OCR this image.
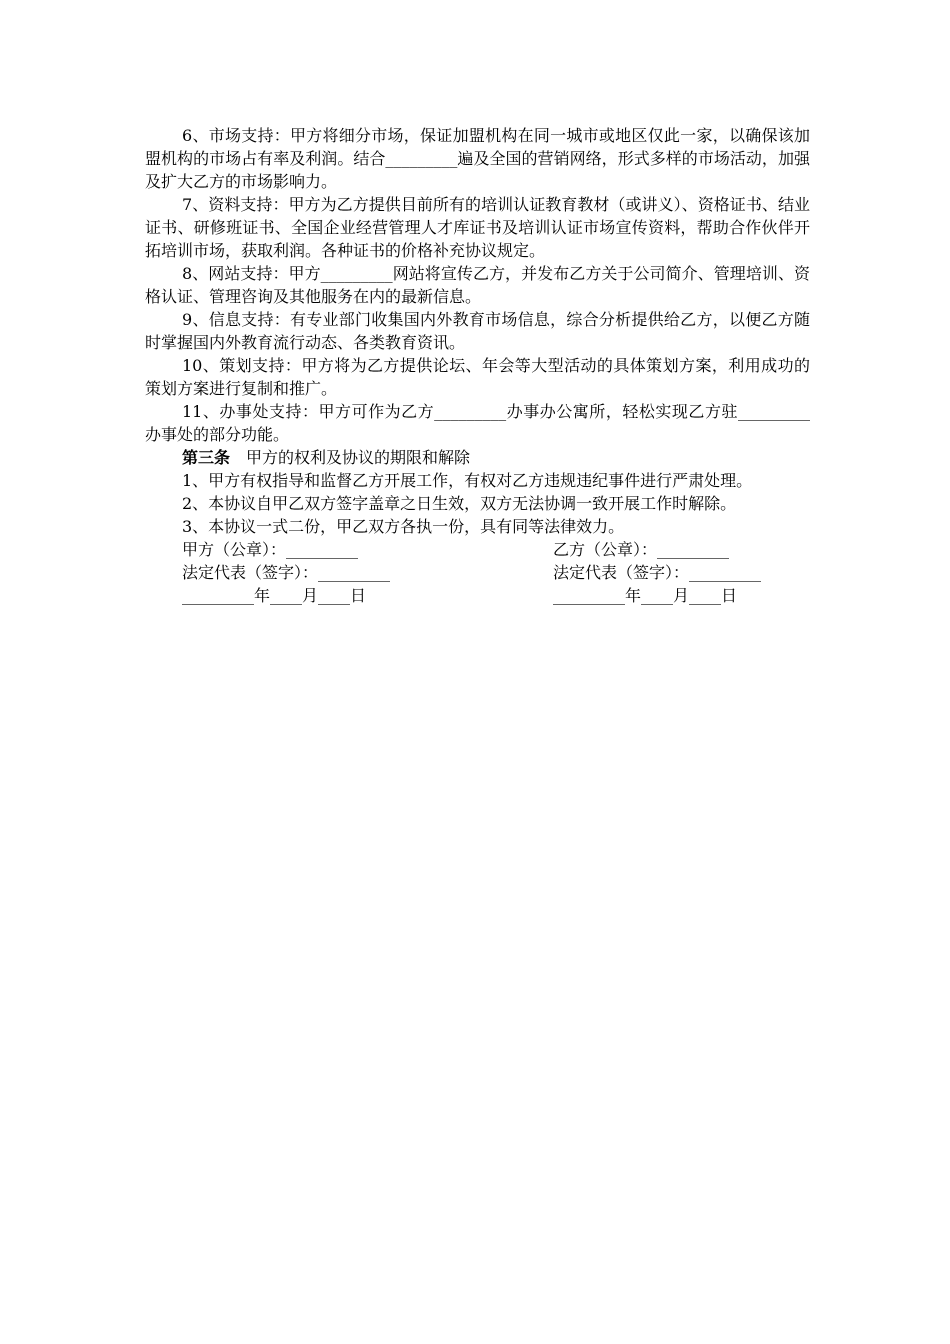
6、市场支持：甲方将细分市场，保证加盟机构在同一城市或地区仅此一家，以确保该加盟机构的市场占有率及利润。结合_________遍及全国的营销网络，形式多样的市场活动，加强及扩大乙方的市场影响力。

7、资料支持：甲方为乙方提供目前所有的培训认证教育教材（或讲义）、资格证书、结业证书、研修班证书、全国企业经营管理人才库证书及培训认证市场宣传资料，帮助合作伙伴开拓培训市场，获取利润。各种证书的价格补充协议规定。

8、网站支持：甲方_________网站将宣传乙方，并发布乙方关于公司简介、管理培训、资格认证、管理咨询及其他服务在内的最新信息。

9、信息支持：有专业部门收集国内外教育市场信息，综合分析提供给乙方，以便乙方随时掌握国内外教育流行动态、各类教育资讯。

10、策划支持：甲方将为乙方提供论坛、年会等大型活动的具体策划方案，利用成功的策划方案进行复制和推广。

11、办事处支持：甲方可作为乙方_________办事办公寓所，轻松实现乙方驻_________办事处的部分功能。

第三条 甲方的权利及协议的期限和解除

1、甲方有权指导和监督乙方开展工作，有权对乙方违规违纪事件进行严肃处理。

2、本协议自甲乙双方签字盖章之日生效，双方无法协调一致开展工作时解除。

3、本协议一式二份，甲乙双方各执一份，具有同等法律效力。

甲方（公章）：_________	乙方（公章）：_________
法定代表（签字）：_________	法定代表（签字）：_________
_________年____月____日	_________年____月____日
